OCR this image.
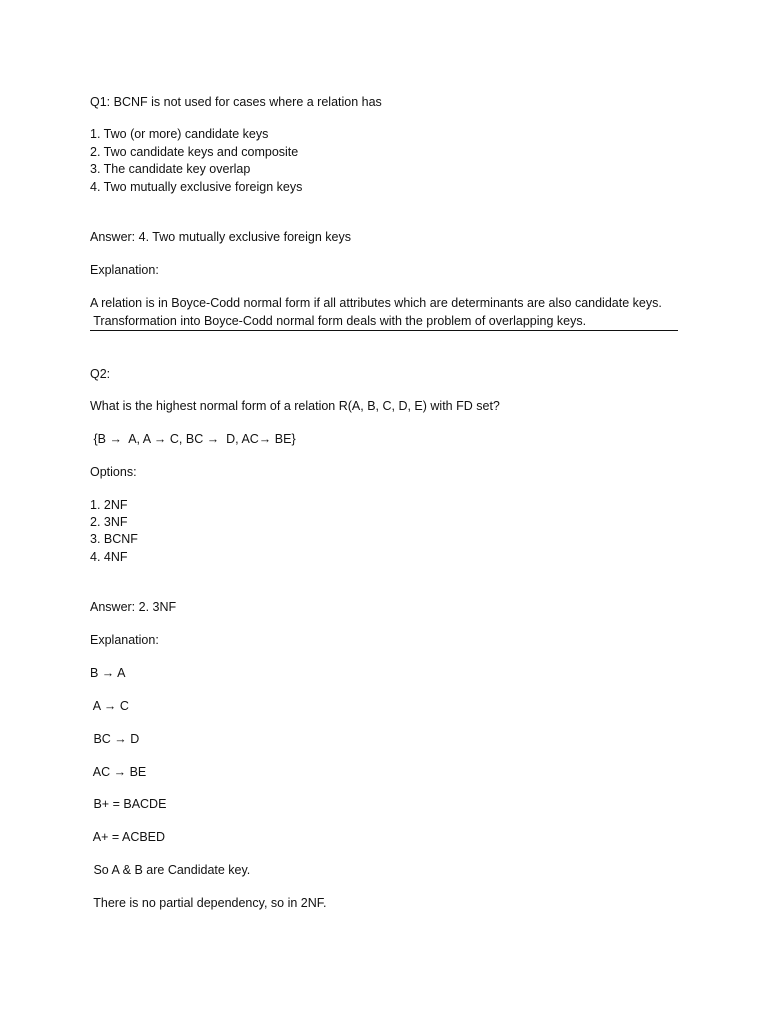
Q1: BCNF is not used for cases where a relation has

1. Two (or more) candidate keys

2. Two candidate keys and composite

3. The candidate key overlap

4. Two mutually exclusive foreign keys

Answer: 4. Two mutually exclusive foreign keys

Explanation:

A relation is in Boyce-Codd normal form if all attributes which are determinants are also candidate keys.

Transformation into Boyce-Codd normal form deals with the problem of overlapping keys.

Q2:

What is the highest normal form of a relation R(A, B, C, D, E) with FD set?

{B →  A, A → C, BC →  D, AC→ BE}

Options:

1. 2NF

2. 3NF

3. BCNF

4. 4NF

Answer: 2. 3NF

Explanation:

B → A

A → C

BC → D

AC → BE

B+ = BACDE

A+ = ACBED

So A & B are Candidate key.

There is no partial dependency, so in 2NF.
